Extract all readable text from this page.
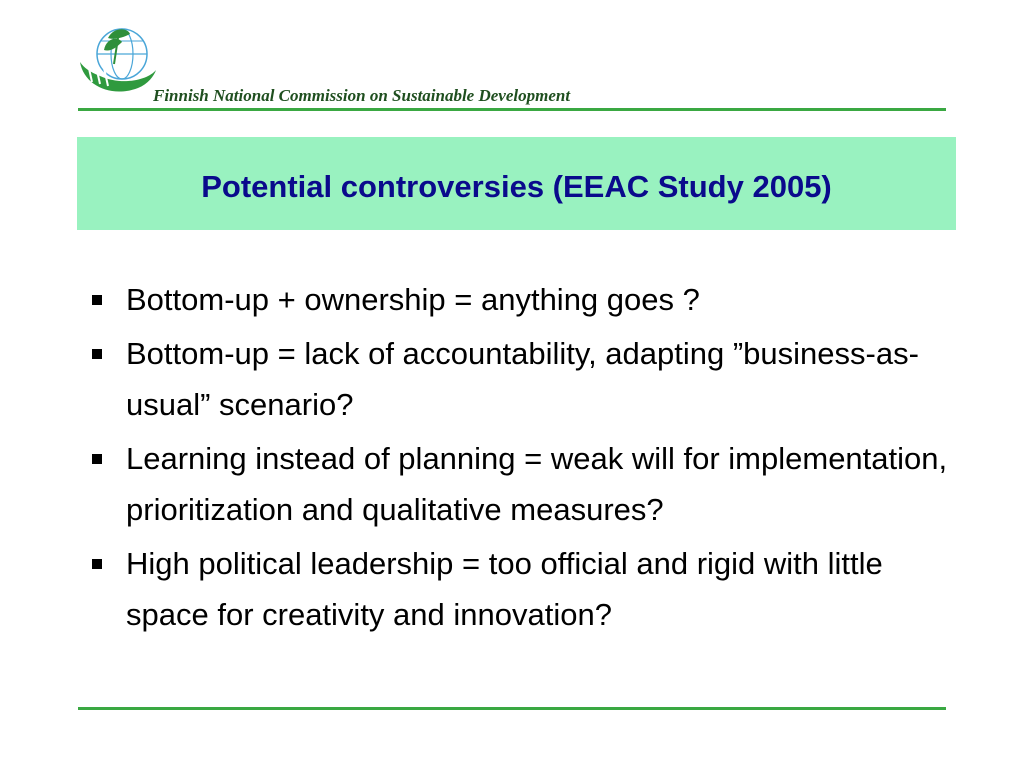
Finnish National Commission on Sustainable Development
Potential controversies (EEAC Study 2005)
Bottom-up + ownership = anything goes ?
Bottom-up = lack of accountability, adapting ”business-as-usual” scenario?
Learning instead of planning = weak will for implementation, prioritization and qualitative measures?
High political leadership = too official and rigid with little space for creativity and innovation?
